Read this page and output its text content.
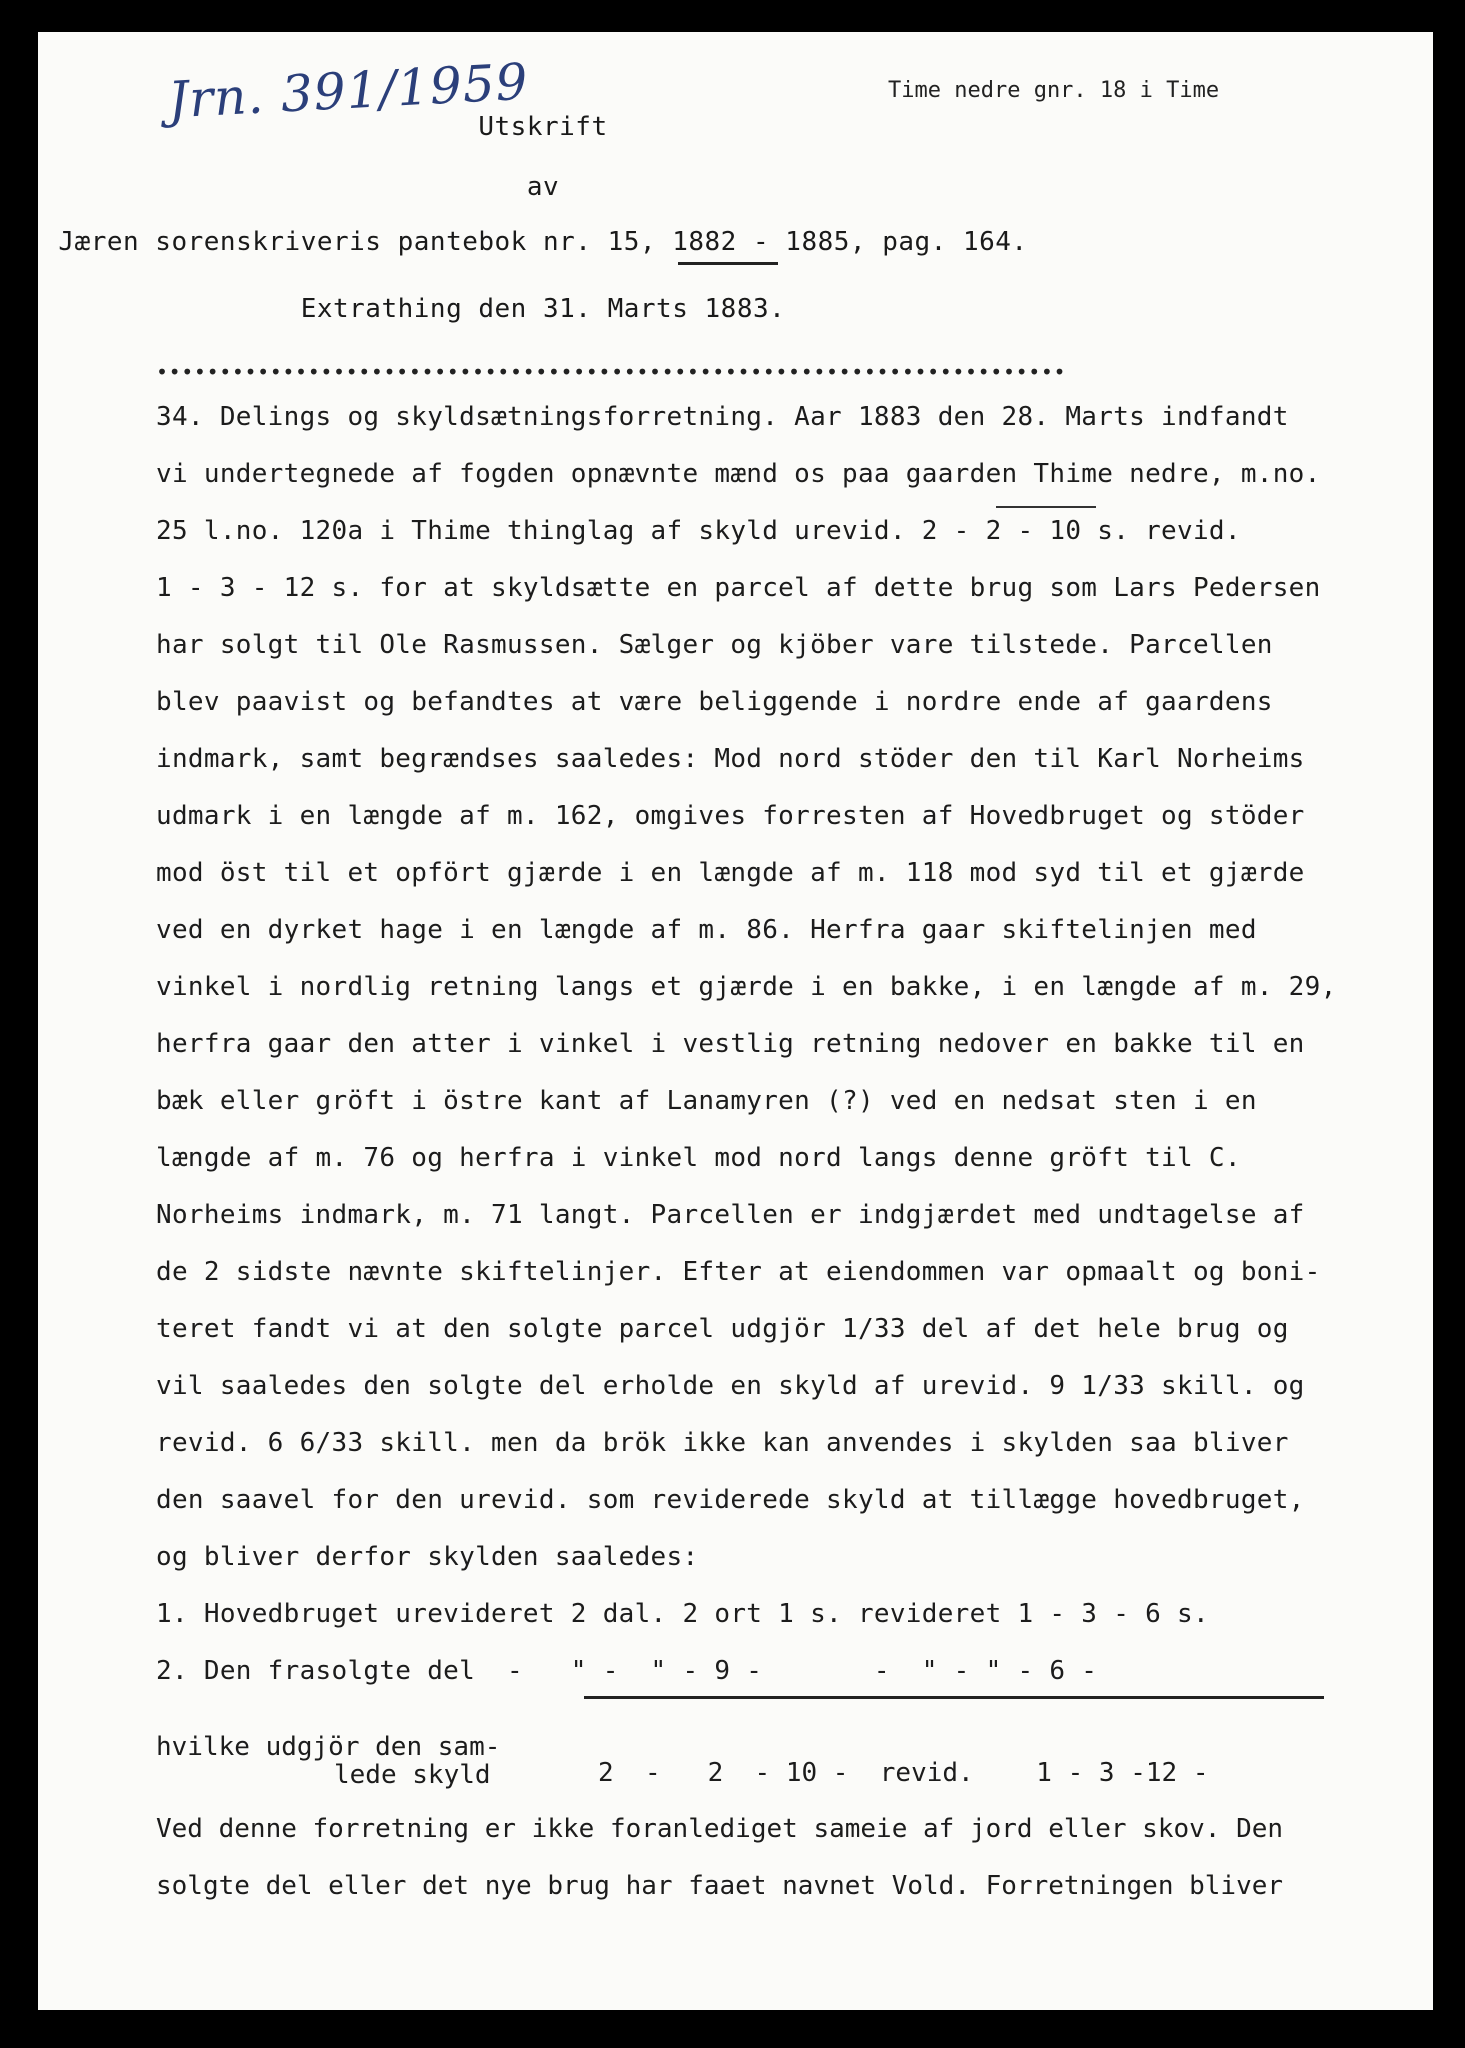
Jrn. 391/1959	Time nedre gnr. 18 i Time
Utskrift
av
Jæren sorenskriveris pantebok nr. 15, 1882 - 1885, pag. 164.
Extrathing den 31. Marts 1883.
••••••••••••••••••••••••••••••••••••••••••••••••••••••••••••••••••••••••
34. Delings og skyldsætningsforretning. Aar 1883 den 28. Marts indfandt
vi undertegnede af fogden opnævnte mænd os paa gaarden Thime nedre, m.no.
25 l.no. 120a i Thime thinglag af skyld urevid. 2 - 2 - 10 s. revid.
1 - 3 - 12 s. for at skyldsætte en parcel af dette brug som Lars Pedersen
har solgt til Ole Rasmussen. Sælger og kjöber vare tilstede. Parcellen
blev paavist og befandtes at være beliggende i nordre ende af gaardens
indmark, samt begrændses saaledes: Mod nord stöder den til Karl Norheims
udmark i en længde af m. 162, omgives forresten af Hovedbruget og stöder
mod öst til et opfört gjærde i en længde af m. 118 mod syd til et gjærde
ved en dyrket hage i en længde af m. 86. Herfra gaar skiftelinjen med
vinkel i nordlig retning langs et gjærde i en bakke, i en længde af m. 29,
herfra gaar den atter i vinkel i vestlig retning nedover en bakke til en
bæk eller gröft i östre kant af Lanamyren (?) ved en nedsat sten i en
længde af m. 76 og herfra i vinkel mod nord langs denne gröft til C.
Norheims indmark, m. 71 langt. Parcellen er indgjærdet med undtagelse af
de 2 sidste nævnte skiftelinjer. Efter at eiendommen var opmaalt og boni-
teret fandt vi at den solgte parcel udgjör 1/33 del af det hele brug og
vil saaledes den solgte del erholde en skyld af urevid. 9 1/33 skill. og
revid. 6 6/33 skill. men da brök ikke kan anvendes i skylden saa bliver
den saavel for den urevid. som reviderede skyld at tillægge hovedbruget,
og bliver derfor skylden saaledes:
1. Hovedbruget urevideret 2 dal. 2 ort 1 s. revideret 1 - 3 - 6 s.
2. Den frasolgte del  -   " -  " - 9 -       -  " - " - 6 -
hvilke udgjör den sam-
lede skyld	2  -   2  - 10 -  revid.    1 - 3 -12 -
Ved denne forretning er ikke foranlediget sameie af jord eller skov. Den
solgte del eller det nye brug har faaet navnet Vold. Forretningen bliver
